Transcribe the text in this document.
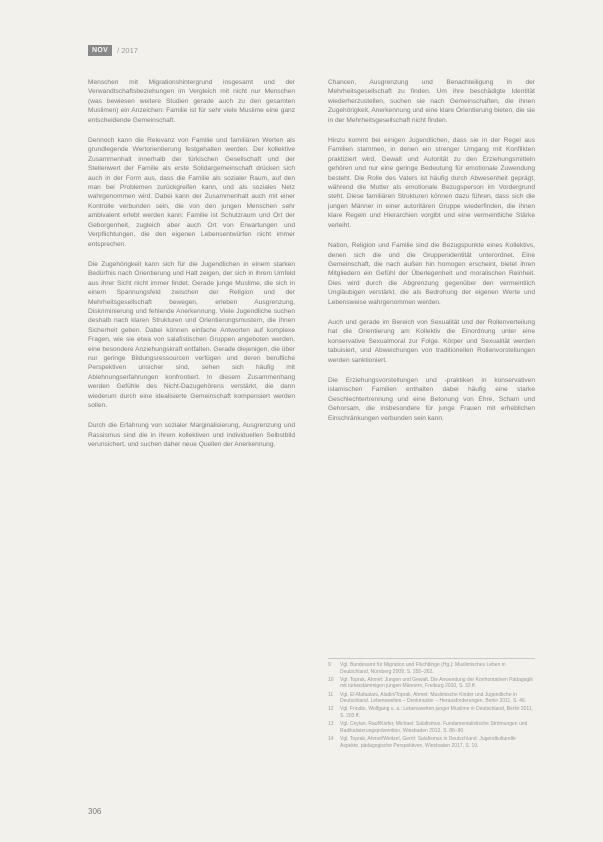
NOV	/ 2017

Menschen mit Migrationshintergrund insgesamt und der Verwandtschaftsbeziehungen im Vergleich mit nicht nur Menschen (was bewiesen weitere Studien gerade auch zu den gesamten Muslimen) ein Anzeichen: Familie ist für sehr viele Muslime eine ganz entscheidende Gemeinschaft.

Dennoch kann die Relevanz von Familie und familiären Werten als grundlegende Wertorientierung festgehalten werden. Der kollektive Zusammenhalt innerhalb der türkischen Gesellschaft und der Stellenwert der Familie als erste Solidargemeinschaft drücken sich auch in der Form aus, dass die Familie als sozialer Raum, auf den man bei Problemen zurückgreifen kann, und als soziales Netz wahrgenommen wird. Dabei kann der Zusammenhalt auch mit einer Kontrolle verbunden sein, die von den jungen Menschen sehr ambivalent erlebt werden kann: Familie ist Schutzraum und Ort der Geborgenheit, zugleich aber auch Ort von Erwartungen und Verpflichtungen, die den eigenen Lebensentwürfen nicht immer entsprechen.

Die Zugehörigkeit kann sich für die Jugendlichen in einem starken Bedürfnis nach Orientierung und Halt zeigen, der sich in ihrem Umfeld aus ihrer Sicht nicht immer findet. Gerade junge Muslime, die sich in einem Spannungsfeld zwischen der Religion und der Mehrheitsgesellschaft bewegen, erleben Ausgrenzung, Diskriminierung und fehlende Anerkennung. Viele Jugendliche suchen deshalb nach klaren Strukturen und Orientierungsmustern, die ihnen Sicherheit geben. Dabei können einfache Antworten auf komplexe Fragen, wie sie etwa von salafistischen Gruppen angeboten werden, eine besondere Anziehungskraft entfalten. Gerade diejenigen, die über nur geringe Bildungsressourcen verfügen und deren berufliche Perspektiven unsicher sind, sehen sich häufig mit Ablehnungserfahrungen konfrontiert. In diesem Zusammenhang werden Gefühle des Nicht-Dazugehörens verstärkt, die dann wiederum durch eine idealisierte Gemeinschaft kompensiert werden sollen.

Durch die Erfahrung von sozialer Marginalisierung, Ausgrenzung und Rassismus sind die in ihrem kollektiven und individuellen Selbstbild verunsichert, und suchen daher neue Quellen der Anerkennung.

Chancen, Ausgrenzung und Benachteiligung in der Mehrheitsgesellschaft zu finden. Um ihre beschädigte Identität wiederherzustellen, suchen sie nach Gemeinschaften, die ihnen Zugehörigkeit, Anerkennung und eine klare Orientierung bieten, die sie in der Mehrheitsgesellschaft nicht finden.

Hinzu kommt bei einigen Jugendlichen, dass sie in der Regel aus Familien stammen, in denen ein strenger Umgang mit Konflikten praktiziert wird, Gewalt und Autorität zu den Erziehungsmitteln gehören und nur eine geringe Bedeutung für emotionale Zuwendung besteht. Die Rolle des Vaters ist häufig durch Abwesenheit geprägt, während die Mutter als emotionale Bezugsperson im Vordergrund steht. Diese familiären Strukturen können dazu führen, dass sich die jungen Männer in einer autoritären Gruppe wiederfinden, die ihnen klare Regeln und Hierarchien vorgibt und eine vermeintliche Stärke verleiht.

Nation, Religion und Familie sind die Bezugspunkte eines Kollektivs, denen sich die und die Gruppenidentität unterordnet. Eine Gemeinschaft, die nach außen hin homogen erscheint, bietet ihren Mitgliedern ein Gefühl der Überlegenheit und moralischen Reinheit. Dies wird durch die Abgrenzung gegenüber den vermeintlich Ungläubigen verstärkt, die als Bedrohung der eigenen Werte und Lebensweise wahrgenommen werden.

Auch und gerade im Bereich von Sexualität und der Rollenverteilung hat die Orientierung am Kollektiv die Einordnung unter eine konservative Sexualmoral zur Folge. Körper und Sexualität werden tabuisiert, und Abweichungen von traditionellen Rollenvorstellungen werden sanktioniert.

Die Erziehungsvorstellungen und -praktiken in konservativen islamischen Familien enthalten dabei häufig eine starke Geschlechtertrennung und eine Betonung von Ehre, Scham und Gehorsam, die insbesondere für junge Frauen mit erheblichen Einschränkungen verbunden sein kann.

9	Vgl. Bundesamt für Migration und Flüchtlinge (Hg.): Muslimisches Leben in Deutschland, Nürnberg 2009, S. 255–262.
10	Vgl. Toprak, Ahmet: Jungen und Gewalt. Die Anwendung der Konfrontativen Pädagogik mit türkeistämmigen jungen Männern, Freiburg 2010, S. 33 ff.
11	Vgl. El-Mafaalani, Aladin/Toprak, Ahmet: Muslimische Kinder und Jugendliche in Deutschland. Lebenswelten – Denkmuster – Herausforderungen, Berlin 2011, S. 46.
12	Vgl. Frindte, Wolfgang u. a.: Lebenswelten junger Muslime in Deutschland, Berlin 2011, S. 203 ff.
13	Vgl. Ceylan, Rauf/Kiefer, Michael: Salafismus. Fundamentalistische Strömungen und Radikalisierungsprävention, Wiesbaden 2013, S. 86–90.
14	Vgl. Toprak, Ahmet/Weitzel, Gerrit: Salafismus in Deutschland. Jugendkulturelle Aspekte, pädagogische Perspektiven, Wiesbaden 2017, S. 19.
306
